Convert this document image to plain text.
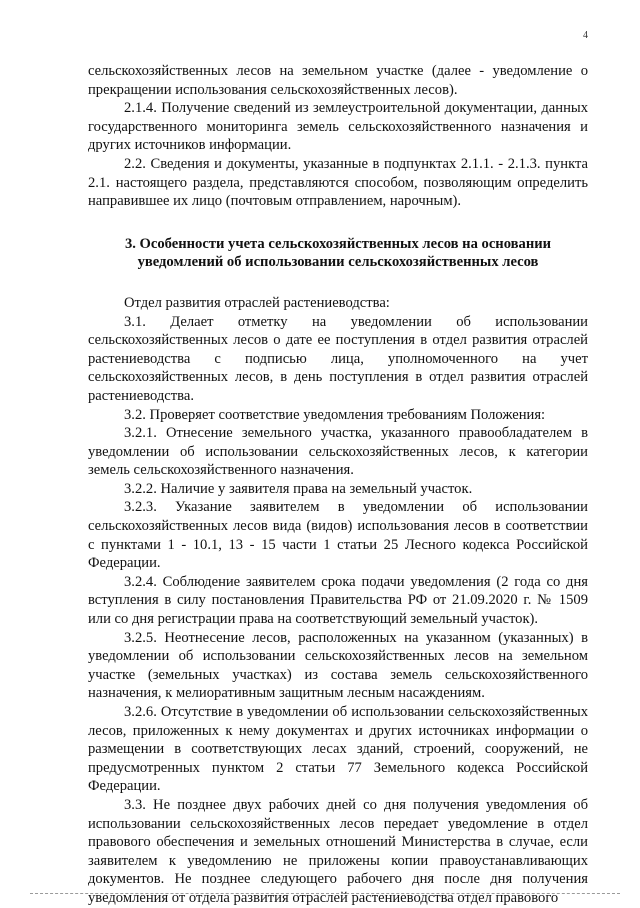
4

сельскохозяйственных лесов на земельном участке (далее - уведомление о прекращении использования сельскохозяйственных лесов).

2.1.4. Получение сведений из землеустроительной документации, данных государственного мониторинга земель сельскохозяйственного назначения и других источников информации.

2.2. Сведения и документы, указанные в подпунктах 2.1.1. - 2.1.3. пункта 2.1. настоящего раздела, представляются способом, позволяющим определить направившее их лицо (почтовым отправлением, нарочным).

3. Особенности учета сельскохозяйственных лесов на основании уведомлений об использовании сельскохозяйственных лесов

Отдел развития отраслей растениеводства:

3.1. Делает отметку на уведомлении об использовании сельскохозяйственных лесов о дате ее поступления в отдел развития отраслей растениеводства с подписью лица, уполномоченного на учет сельскохозяйственных лесов, в день поступления в отдел развития отраслей растениеводства.

3.2. Проверяет соответствие уведомления требованиям Положения:

3.2.1. Отнесение земельного участка, указанного правообладателем в уведомлении об использовании сельскохозяйственных лесов, к категории земель сельскохозяйственного назначения.

3.2.2. Наличие у заявителя права на земельный участок.

3.2.3. Указание заявителем в уведомлении об использовании сельскохозяйственных лесов вида (видов) использования лесов в соответствии с пунктами 1 - 10.1, 13 - 15 части 1 статьи 25 Лесного кодекса Российской Федерации.

3.2.4. Соблюдение заявителем срока подачи уведомления (2 года со дня вступления в силу постановления Правительства РФ от 21.09.2020 г. № 1509 или со дня регистрации права на соответствующий земельный участок).

3.2.5. Неотнесение лесов, расположенных на указанном (указанных) в уведомлении об использовании сельскохозяйственных лесов на земельном участке (земельных участках) из состава земель сельскохозяйственного назначения, к мелиоративным защитным лесным насаждениям.

3.2.6. Отсутствие в уведомлении об использовании сельскохозяйственных лесов, приложенных к нему документах и других источниках информации о размещении в соответствующих лесах зданий, строений, сооружений, не предусмотренных пунктом 2 статьи 77 Земельного кодекса Российской Федерации.

3.3. Не позднее двух рабочих дней со дня получения уведомления об использовании сельскохозяйственных лесов передает уведомление в отдел правового обеспечения и земельных отношений Министерства в случае, если заявителем к уведомлению не приложены копии правоустанавливающих документов. Не позднее следующего рабочего дня после дня получения уведомления от отдела развития отраслей растениеводства отдел правового
